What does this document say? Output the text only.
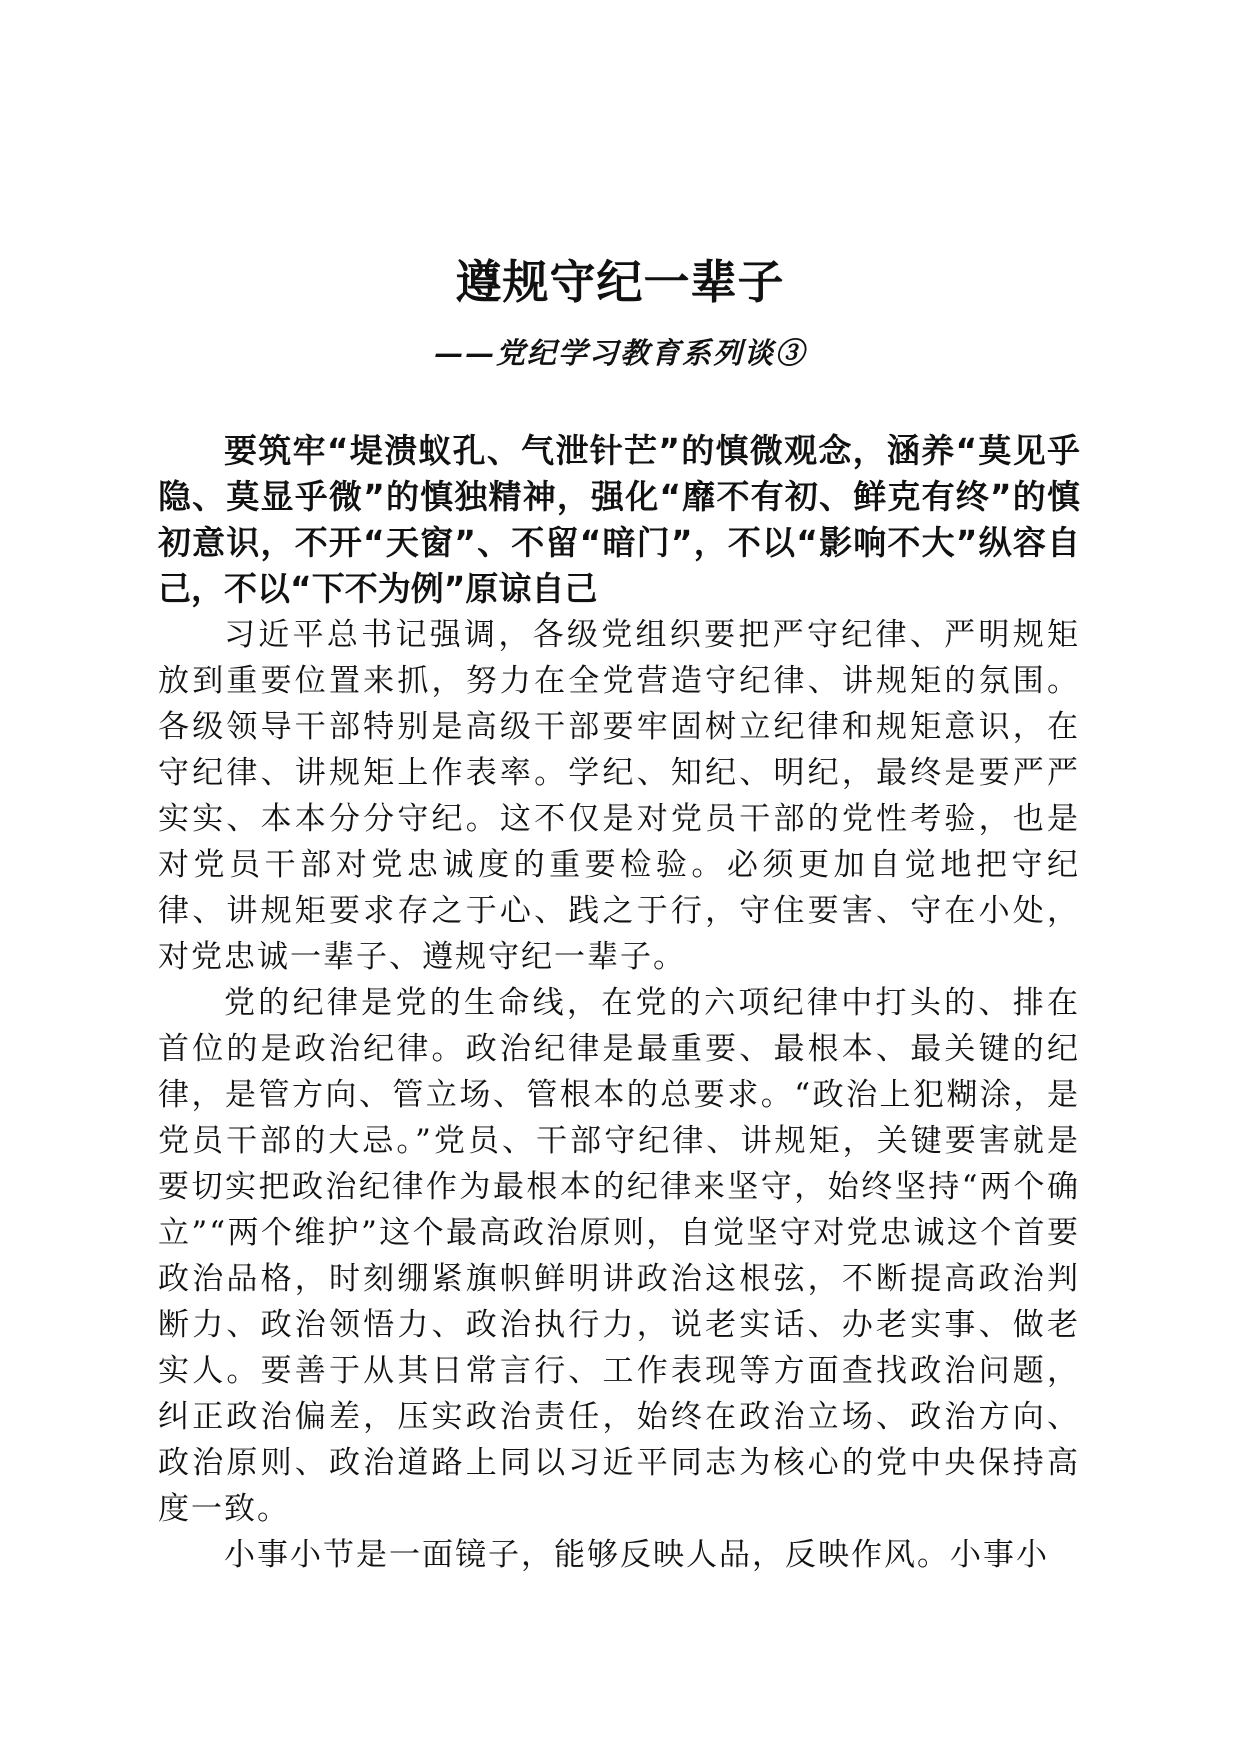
遵规守纪一辈子
——党纪学习教育系列谈③

要筑牢“堤溃蚁孔、气泄针芒”的慎微观念，涵养“莫见乎隐、莫显乎微”的慎独精神，强化“靡不有初、鲜克有终”的慎初意识，不开“天窗”、不留“暗门”，不以“影响不大”纵容自己，不以“下不为例”原谅自己

习近平总书记强调，各级党组织要把严守纪律、严明规矩放到重要位置来抓，努力在全党营造守纪律、讲规矩的氛围。各级领导干部特别是高级干部要牢固树立纪律和规矩意识，在守纪律、讲规矩上作表率。学纪、知纪、明纪，最终是要严严实实、本本分分守纪。这不仅是对党员干部的党性考验，也是对党员干部对党忠诚度的重要检验。必须更加自觉地把守纪律、讲规矩要求存之于心、践之于行，守住要害、守在小处，对党忠诚一辈子、遵规守纪一辈子。

党的纪律是党的生命线，在党的六项纪律中打头的、排在首位的是政治纪律。政治纪律是最重要、最根本、最关键的纪律，是管方向、管立场、管根本的总要求。“政治上犯糊涂，是党员干部的大忌。”党员、干部守纪律、讲规矩，关键要害就是要切实把政治纪律作为最根本的纪律来坚守，始终坚持“两个确立”“两个维护”这个最高政治原则，自觉坚守对党忠诚这个首要政治品格，时刻绷紧旗帜鲜明讲政治这根弦，不断提高政治判断力、政治领悟力、政治执行力，说老实话、办老实事、做老实人。要善于从其日常言行、工作表现等方面查找政治问题，纠正政治偏差，压实政治责任，始终在政治立场、政治方向、政治原则、政治道路上同以习近平同志为核心的党中央保持高度一致。

小事小节是一面镜子，能够反映人品，反映作风。小事小
